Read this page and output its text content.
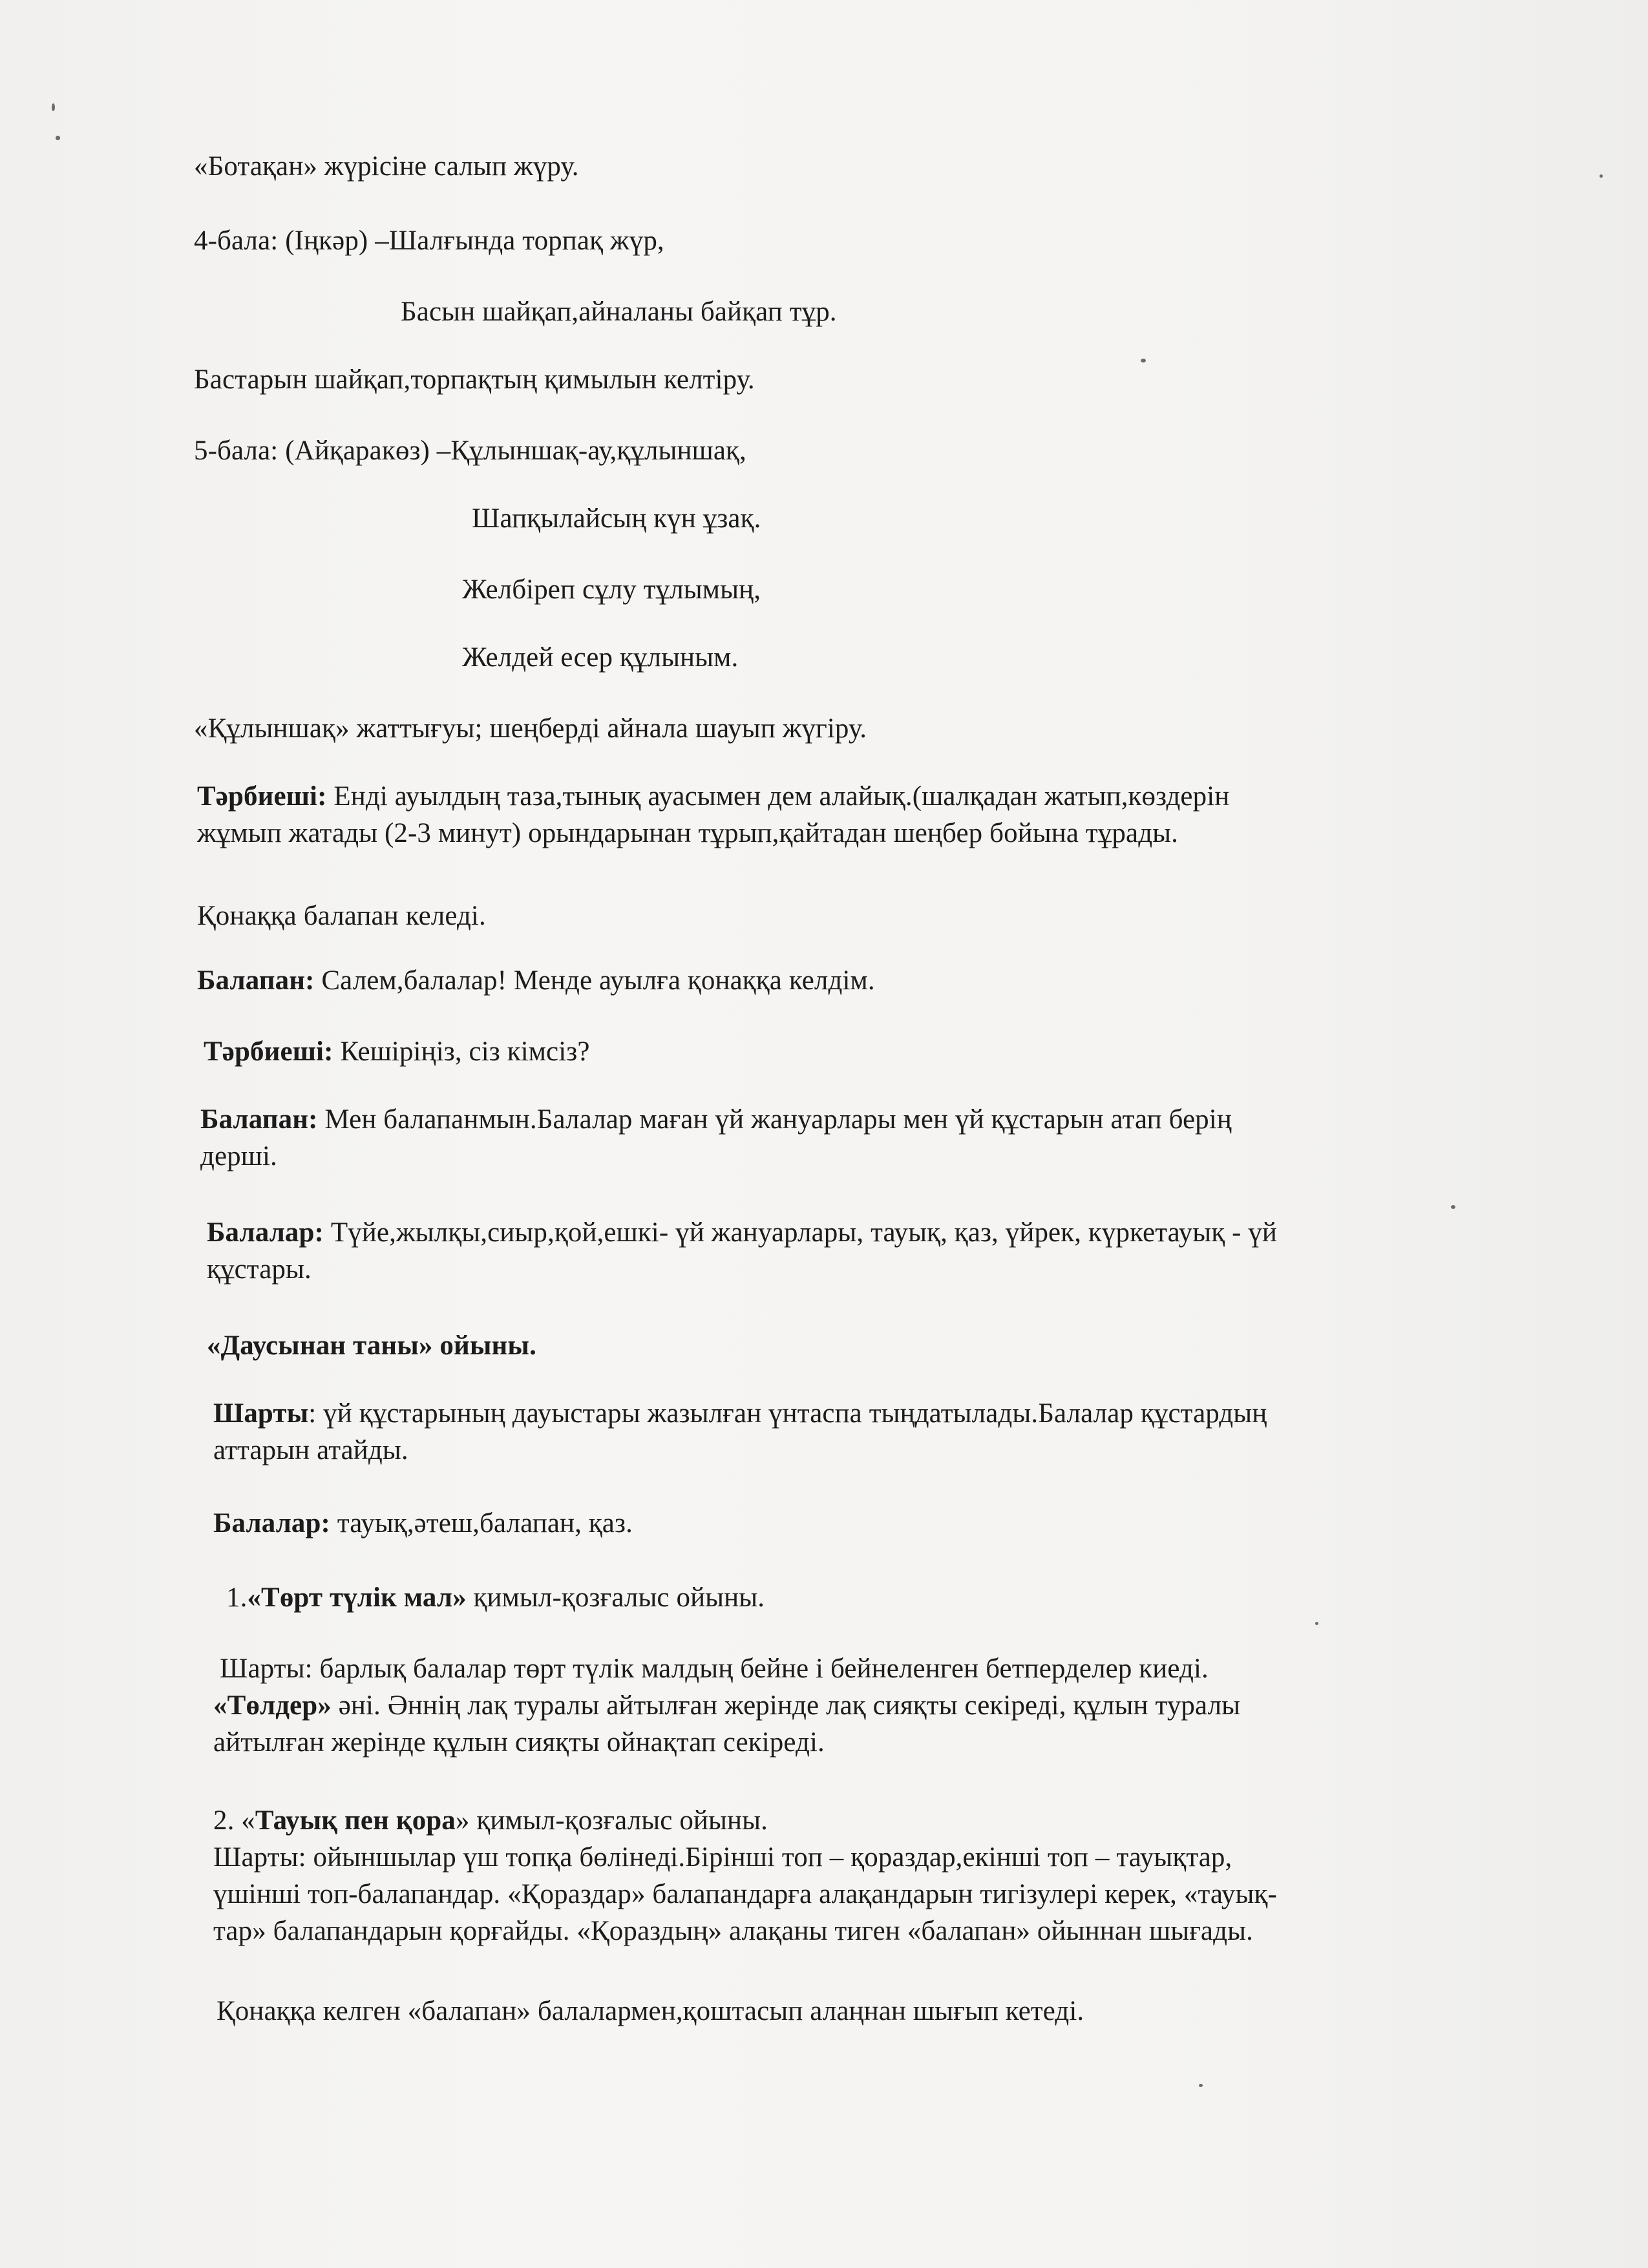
«Ботақан» жүрісіне салып жүру.
4-бала: (Іңкәр) –Шалғында торпақ жүр,
Басын шайқап,айналаны байқап тұр.
Бастарын шайқап,торпақтың қимылын келтіру.
5-бала: (Айқаракөз) –Құлыншақ-ау,құлыншақ,
Шапқылайсың күн ұзақ.
Желбіреп сұлу тұлымың,
Желдей есер құлыным.
«Құлыншақ» жаттығуы; шеңберді айнала шауып жүгіру.
Тәрбиеші: Енді ауылдың таза,тынық ауасымен дем алайық.(шалқадан жатып,көздерін
жұмып жатады (2-3 минут) орындарынан тұрып,қайтадан шеңбер бойына тұрады.
Қонаққа балапан келеді.
Балапан: Салем,балалар! Менде ауылға қонаққа келдім.
Тәрбиеші: Кешіріңіз, сіз кімсіз?
Балапан: Мен балапанмын.Балалар маған үй жануарлары мен үй құстарын атап берің
дерші.
Балалар: Түйе,жылқы,сиыр,қой,ешкі- үй жануарлары, тауық, қаз, үйрек, күркетауық - үй
құстары.
«Даусынан таны» ойыны.
Шарты: үй құстарының дауыстары жазылған үнтаспа тыңдатылады.Балалар құстардың
аттарын атайды.
Балалар: тауық,әтеш,балапан, қаз.
1.«Төрт түлік мал» қимыл-қозғалыс ойыны.
Шарты: барлық балалар төрт түлік малдың бейне і бейнеленген бетперделер киеді.
«Төлдер» әні. Әннің лақ туралы айтылған жерінде лақ сияқты секіреді, құлын туралы
айтылған жерінде құлын сияқты ойнақтап секіреді.
2. «Тауық пен қора» қимыл-қозғалыс ойыны.
Шарты: ойыншылар үш топқа бөлінеді.Бірінші топ – қораздар,екінші топ – тауықтар,
үшінші топ-балапандар. «Қораздар» балапандарға алақандарын тигізулері керек, «тауық-
тар» балапандарын қорғайды. «Қораздың» алақаны тиген «балапан» ойыннан шығады.
Қонаққа келген «балапан» балалармен,қоштасып алаңнан шығып кетеді.
